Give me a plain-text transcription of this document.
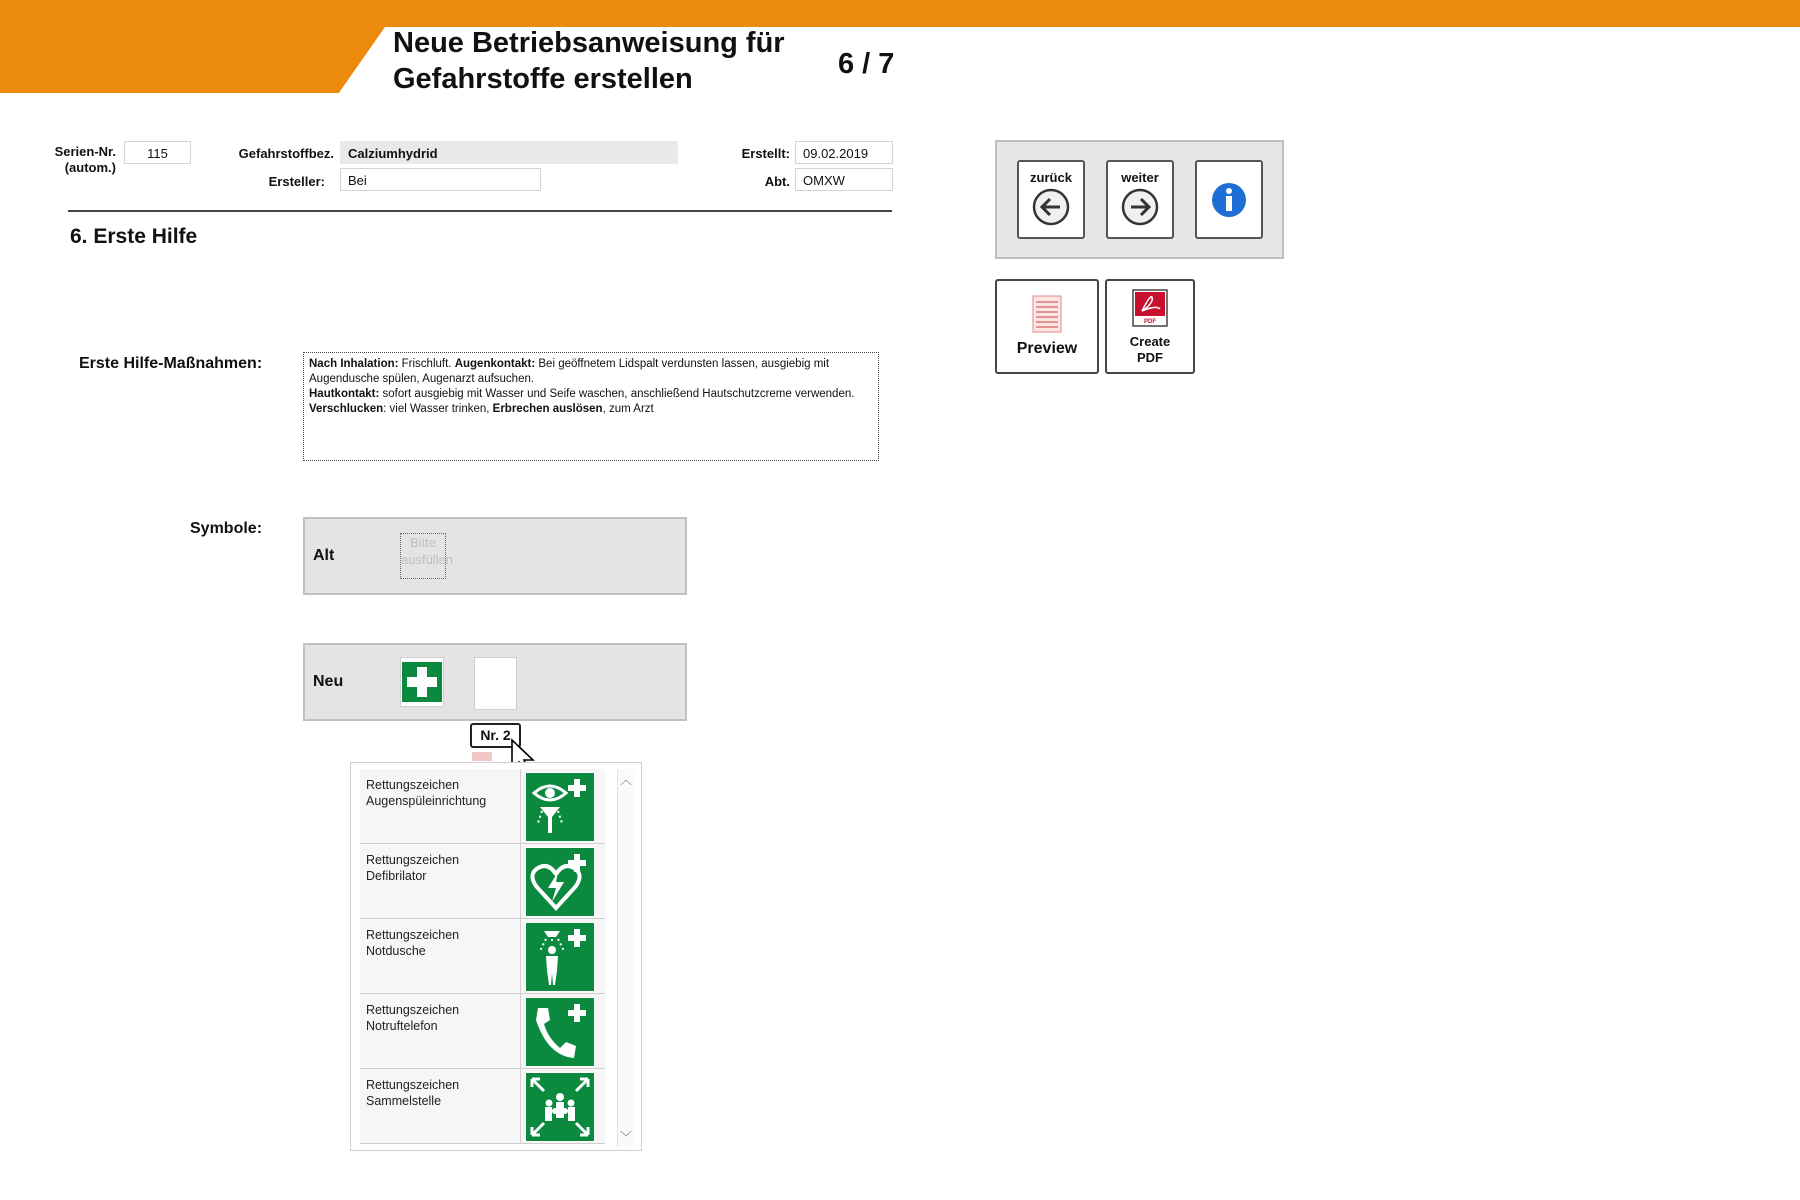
Neue Betriebsanweisung für
Gefahrstoffe erstellen	6 / 7
Serien-Nr.
(autom.)
115	Gefahrstoffbez.	Calziumhydrid
Ersteller:	Bei
Erstellt:	09.02.2019
Abt.	OMXW
6. Erste Hilfe
Erste Hilfe-Maßnahmen:	Nach Inhalation: Frischluft. Augenkontakt: Bei geöffnetem Lidspalt verdunsten lassen, ausgiebig mit Augendusche spülen, Augenarzt aufsuchen.

Hautkontakt: sofort ausgiebig mit Wasser und Seife waschen, anschließend Hautschutzcreme verwenden.

Verschlucken: viel Wasser trinken, Erbrechen auslösen, zum Arzt

Symbole:
Alt
Bitte ausfüllen
Neu
Nr. 2
Rettungszeichen
Augenspüleinrichtung
Rettungszeichen
Defibrilator
Rettungszeichen
Notdusche
Rettungszeichen
Notruftelefon
Rettungszeichen
Sammelstelle
︿
﹀
zurück	weiter
Preview
PDF
Create
PDF
